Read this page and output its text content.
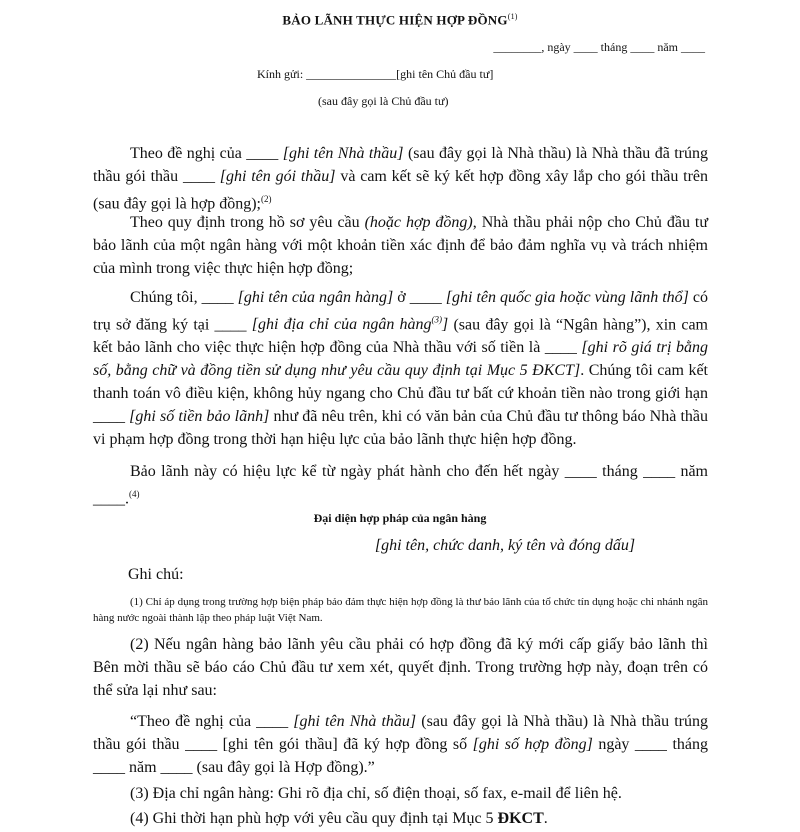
BẢO LÃNH THỰC HIỆN HỢP ĐỒNG$^{(1)}$
________, ngày ____ tháng ____ năm ____
Kính gửi: _______________[ghi tên Chủ đầu tư]
(sau đây gọi là Chủ đầu tư)

Theo đề nghị của ____ [ghi tên Nhà thầu] (sau đây gọi là Nhà thầu) là Nhà thầu đã trúng thầu gói thầu ____ [ghi tên gói thầu] và cam kết sẽ ký kết hợp đồng xây lắp cho gói thầu trên (sau đây gọi là hợp đồng);$^{(2)}$

Theo quy định trong hồ sơ yêu cầu (hoặc hợp đồng), Nhà thầu phải nộp cho Chủ đầu tư bảo lãnh của một ngân hàng với một khoản tiền xác định để bảo đảm nghĩa vụ và trách nhiệm của mình trong việc thực hiện hợp đồng;

Chúng tôi, ____ [ghi tên của ngân hàng] ở ____ [ghi tên quốc gia hoặc vùng lãnh thổ] có trụ sở đăng ký tại ____ [ghi địa chỉ của ngân hàng$^{(3)}$] (sau đây gọi là “Ngân hàng”), xin cam kết bảo lãnh cho việc thực hiện hợp đồng của Nhà thầu với số tiền là ____ [ghi rõ giá trị bằng số, bằng chữ và đồng tiền sử dụng như yêu cầu quy định tại Mục 5 ĐKCT]. Chúng tôi cam kết thanh toán vô điều kiện, không hủy ngang cho Chủ đầu tư bất cứ khoản tiền nào trong giới hạn ____ [ghi số tiền bảo lãnh] như đã nêu trên, khi có văn bản của Chủ đầu tư thông báo Nhà thầu vi phạm hợp đồng trong thời hạn hiệu lực của bảo lãnh thực hiện hợp đồng.

Bảo lãnh này có hiệu lực kể từ ngày phát hành cho đến hết ngày ____ tháng ____ năm ____.$^{(4)}$

Đại diện hợp pháp của ngân hàng
[ghi tên, chức danh, ký tên và đóng dấu]
Ghi chú:
(1) Chỉ áp dụng trong trường hợp biện pháp bảo đảm thực hiện hợp đồng là thư bảo lãnh của tổ chức tín dụng hoặc chi nhánh ngân hàng nước ngoài thành lập theo pháp luật Việt Nam.

(2) Nếu ngân hàng bảo lãnh yêu cầu phải có hợp đồng đã ký mới cấp giấy bảo lãnh thì Bên mời thầu sẽ báo cáo Chủ đầu tư xem xét, quyết định. Trong trường hợp này, đoạn trên có thể sửa lại như sau:

“Theo đề nghị của ____ [ghi tên Nhà thầu] (sau đây gọi là Nhà thầu) là Nhà thầu trúng thầu gói thầu ____ [ghi tên gói thầu] đã ký hợp đồng số [ghi số hợp đồng] ngày ____ tháng ____ năm ____ (sau đây gọi là Hợp đồng).”

(3) Địa chỉ ngân hàng: Ghi rõ địa chỉ, số điện thoại, số fax, e-mail để liên hệ.

(4) Ghi thời hạn phù hợp với yêu cầu quy định tại Mục 5 ĐKCT.
